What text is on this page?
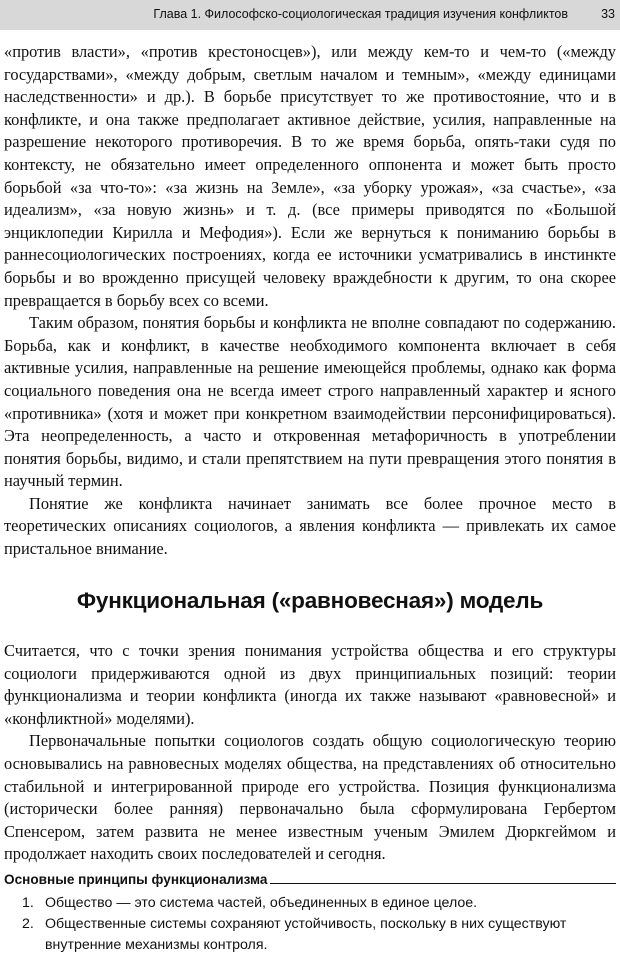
Глава 1. Философско-социологическая традиция изучения конфликтов	33

«против власти», «против крестоносцев»), или между кем-то и чем-то («между государствами», «между добрым, светлым началом и темным», «между единицами наследственности» и др.). В борьбе присутствует то же противостояние, что и в конфликте, и она также предполагает активное действие, усилия, направленные на разрешение некоторого противоречия. В то же время борьба, опять-таки судя по контексту, не обязательно имеет определенного оппонента и может быть просто борьбой «за что-то»: «за жизнь на Земле», «за уборку урожая», «за счастье», «за идеализм», «за новую жизнь» и т. д. (все примеры приводятся по «Большой энциклопедии Кирилла и Мефодия»). Если же вернуться к пониманию борьбы в раннесоциологических построениях, когда ее источники усматривались в инстинкте борьбы и во врожденно присущей человеку враждебности к другим, то она скорее превращается в борьбу всех со всеми.

Таким образом, понятия борьбы и конфликта не вполне совпадают по содержанию. Борьба, как и конфликт, в качестве необходимого компонента включает в себя активные усилия, направленные на решение имеющейся проблемы, однако как форма социального поведения она не всегда имеет строго направленный характер и ясного «противника» (хотя и может при конкретном взаимодействии персонифицироваться). Эта неопределенность, а часто и откровенная метафоричность в употреблении понятия борьбы, видимо, и стали препятствием на пути превращения этого понятия в научный термин.

Понятие же конфликта начинает занимать все более прочное место в теоретических описаниях социологов, а явления конфликта — привлекать их самое пристальное внимание.

Функциональная («равновесная») модель

Считается, что с точки зрения понимания устройства общества и его структуры социологи придерживаются одной из двух принципиальных позиций: теории функционализма и теории конфликта (иногда их также называют «равновесной» и «конфликтной» моделями).

Первоначальные попытки социологов создать общую социологическую теорию основывались на равновесных моделях общества, на представлениях об относительно стабильной и интегрированной природе его устройства. Позиция функционализма (исторически более ранняя) первоначально была сформулирована Гербертом Спенсером, затем развита не менее известным ученым Эмилем Дюркгеймом и продолжает находить своих последователей и сегодня.

Основные принципы функционализма
1. Общество — это система частей, объединенных в единое целое.
2. Общественные системы сохраняют устойчивость, поскольку в них существуют внутренние механизмы контроля.
